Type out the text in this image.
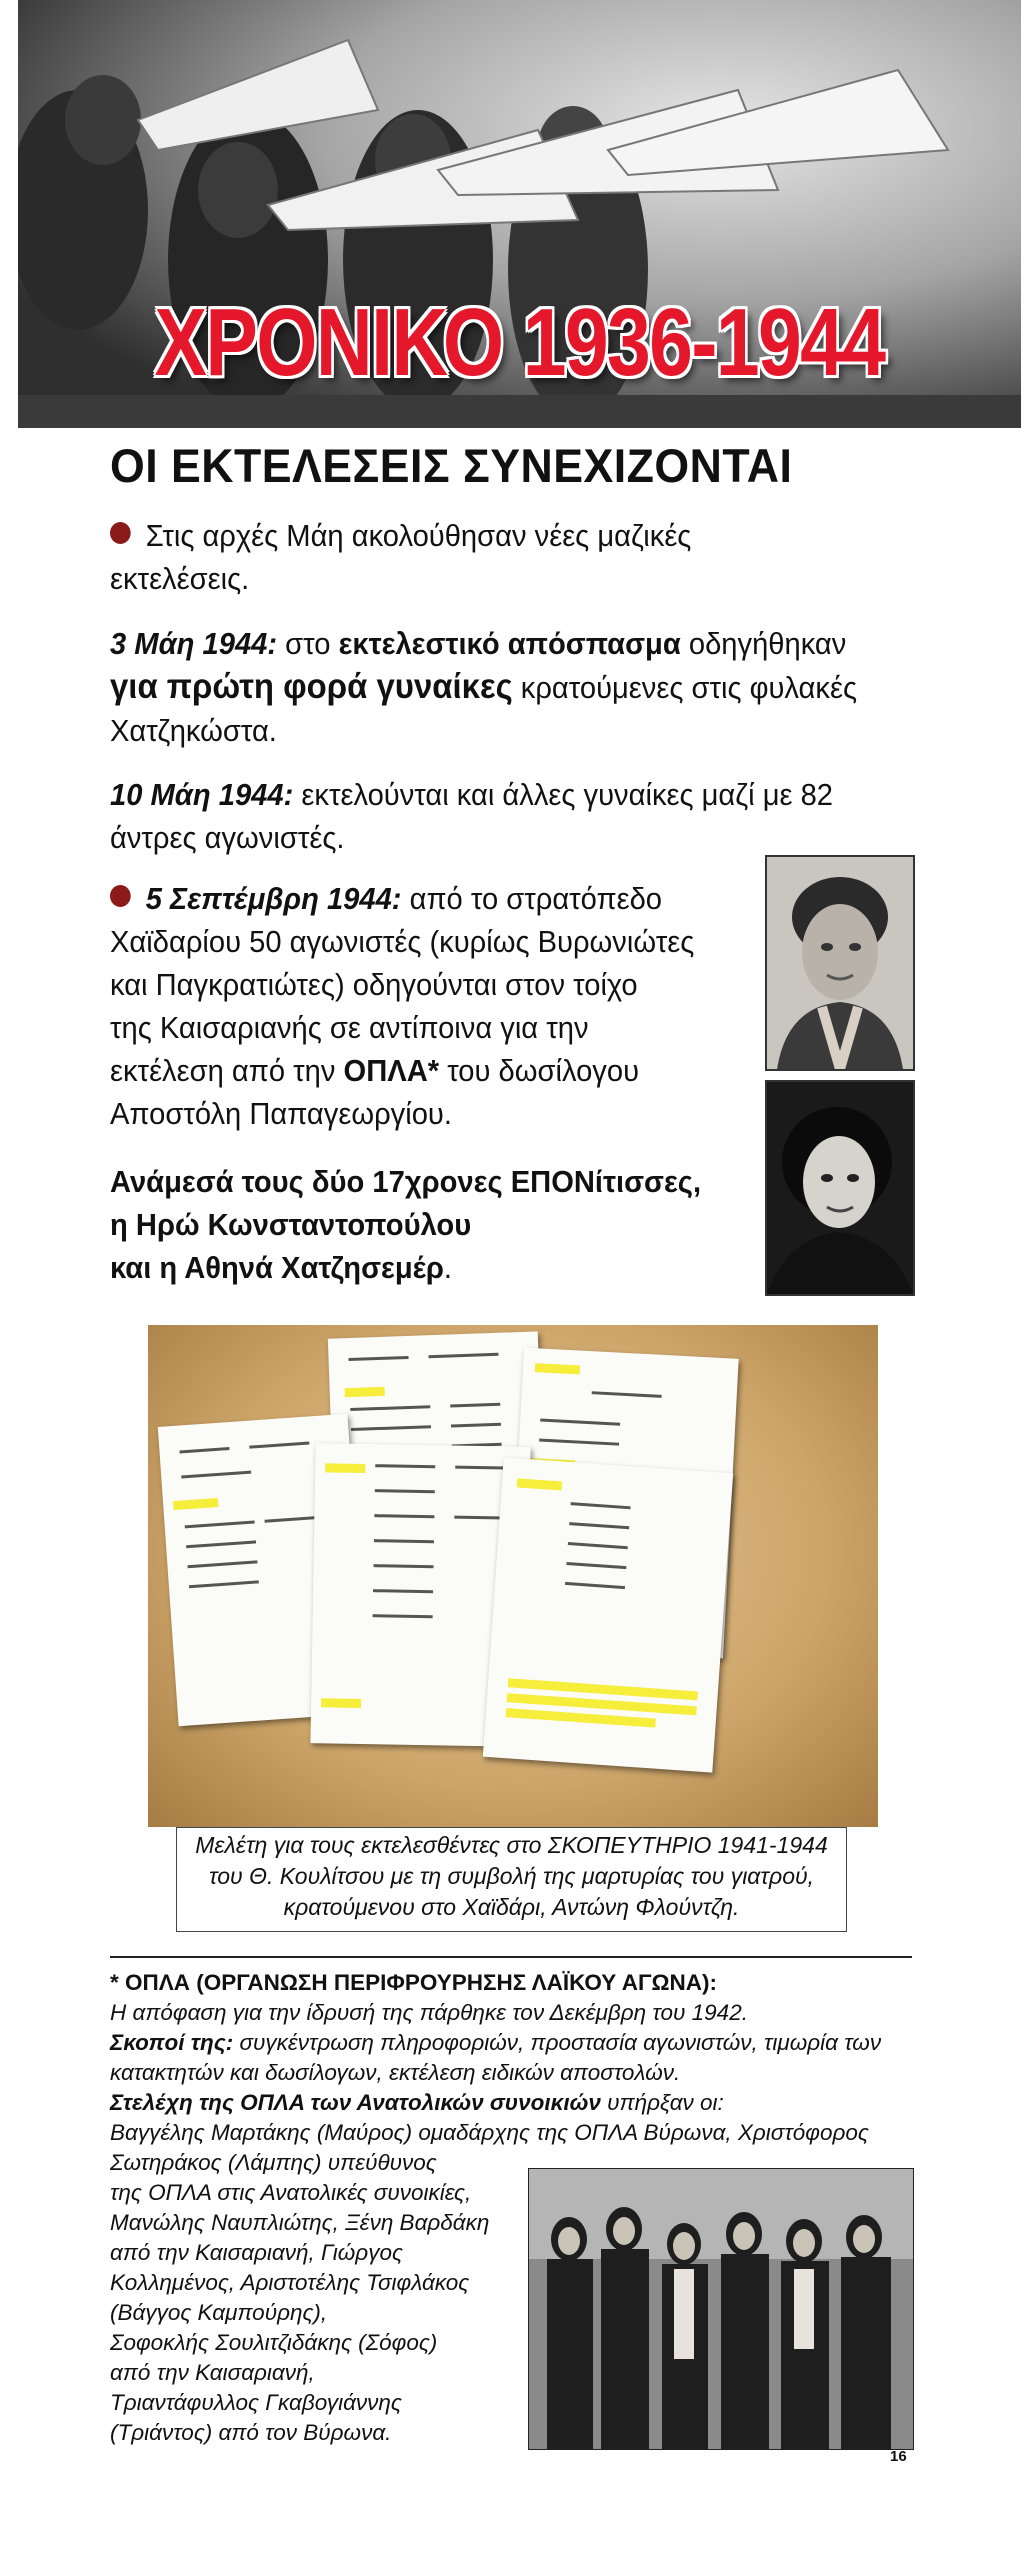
ΧΡΟΝΙΚΟ 1936-1944
ΟΙ ΕΚΤΕΛΕΣΕΙΣ ΣΥΝΕΧΙΖΟΝΤΑΙ
Στις αρχές Μάη ακολούθησαν νέες μαζικές
εκτελέσεις.
3 Μάη 1944: στο εκτελεστικό απόσπασμα οδηγήθηκαν
για πρώτη φορά γυναίκες κρατούμενες στις φυλακές
Χατζηκώστα.
10 Μάη 1944: εκτελούνται και άλλες γυναίκες μαζί με 82
άντρες αγωνιστές.
5 Σεπτέμβρη 1944: από το στρατόπεδο
Χαϊδαρίου 50 αγωνιστές (κυρίως Βυρωνιώτες
και Παγκρατιώτες) οδηγούνται στον τοίχο
της Καισαριανής σε αντίποινα για την
εκτέλεση από την ΟΠΛΑ* του δωσίλογου
Αποστόλη Παπαγεωργίου.
Ανάμεσά τους δύο 17χρονες ΕΠΟΝίτισσες,
η Ηρώ Κωνσταντοπούλου
και η Αθηνά Χατζησεμέρ.
Μελέτη για τους εκτελεσθέντες στο ΣΚΟΠΕΥΤΗΡΙΟ 1941-1944
του Θ. Κουλίτσου με τη συμβολή της μαρτυρίας του γιατρού,
κρατούμενου στο Χαϊδάρι, Αντώνη Φλούντζη.
* ΟΠΛΑ (ΟΡΓΑΝΩΣΗ ΠΕΡΙΦΡΟΥΡΗΣΗΣ ΛΑΪΚΟΥ ΑΓΩΝΑ):
Η απόφαση για την ίδρυσή της πάρθηκε τον Δεκέμβρη του 1942.
Σκοποί της: συγκέντρωση πληροφοριών, προστασία αγωνιστών, τιμωρία των
κατακτητών και δωσίλογων, εκτέλεση ειδικών αποστολών.
Στελέχη της ΟΠΛΑ των Ανατολικών συνοικιών υπήρξαν οι:
Βαγγέλης Μαρτάκης (Μαύρος) ομαδάρχης της ΟΠΛΑ Βύρωνα, Χριστόφορος
Σωτηράκος (Λάμπης) υπεύθυνος
της ΟΠΛΑ στις Ανατολικές συνοικίες,
Μανώλης Ναυπλιώτης, Ξένη Βαρδάκη
από την Καισαριανή, Γιώργος
Κολλημένος, Αριστοτέλης Τσιφλάκος
(Βάγγος Καμπούρης),
Σοφοκλής Σουλιτζιδάκης (Σόφος)
από την Καισαριανή,
Τριαντάφυλλος Γκαβογιάννης
(Τριάντος) από τον Βύρωνα.
16
